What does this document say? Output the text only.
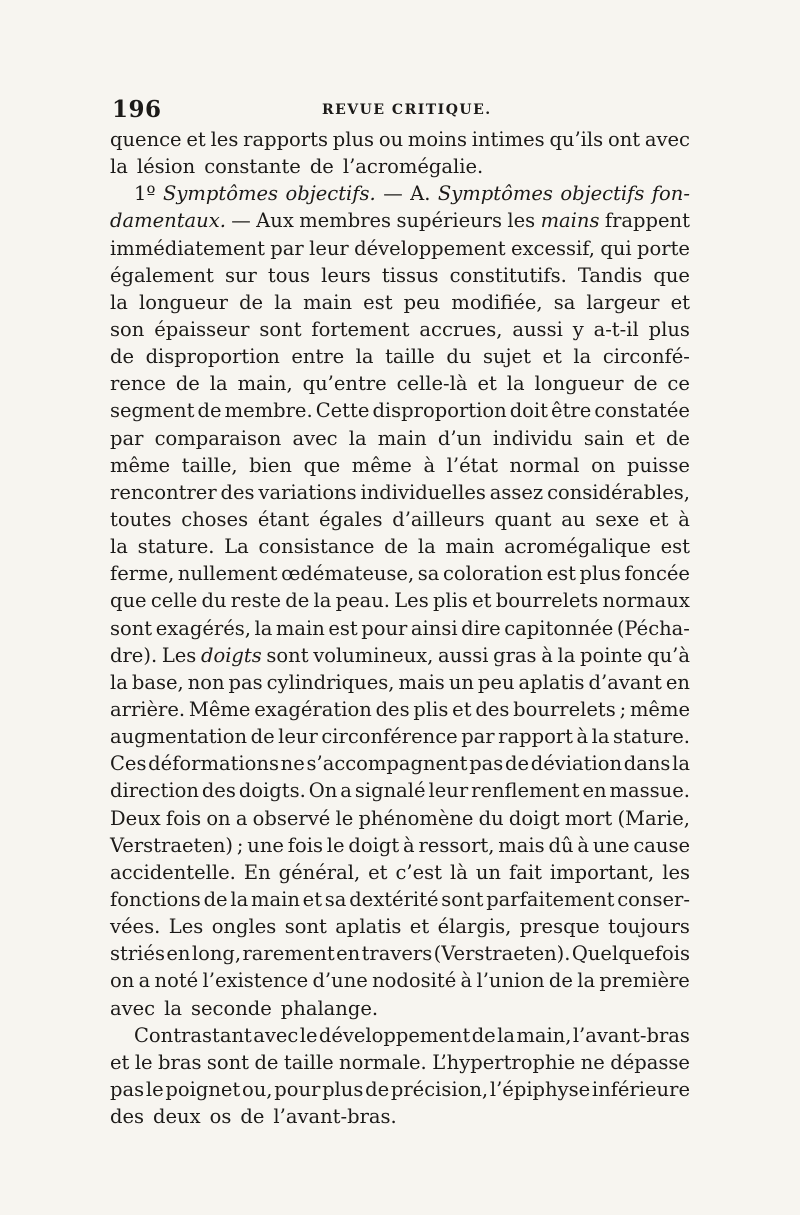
196	REVUE CRITIQUE.
quence et les rapports plus ou moins intimes qu’ils ont avec
la lésion constante de l’acromégalie.
1º Symptômes objectifs. — A. Symptômes objectifs fon-
damentaux. — Aux membres supérieurs les mains frappent
immédiatement par leur développement excessif, qui porte
également sur tous leurs tissus constitutifs. Tandis que
la longueur de la main est peu modifiée, sa largeur et
son épaisseur sont fortement accrues, aussi y a-t-il plus
de disproportion entre la taille du sujet et la circonfé-
rence de la main, qu’entre celle-là et la longueur de ce
segment de membre. Cette disproportion doit être constatée
par comparaison avec la main d’un individu sain et de
même taille, bien que même à l’état normal on puisse
rencontrer des variations individuelles assez considérables,
toutes choses étant égales d’ailleurs quant au sexe et à
la stature. La consistance de la main acromégalique est
ferme, nullement œdémateuse, sa coloration est plus foncée
que celle du reste de la peau. Les plis et bourrelets normaux
sont exagérés, la main est pour ainsi dire capitonnée (Pécha-
dre). Les doigts sont volumineux, aussi gras à la pointe qu’à
la base, non pas cylindriques, mais un peu aplatis d’avant en
arrière. Même exagération des plis et des bourrelets ; même
augmentation de leur circonférence par rapport à la stature.
Ces déformations ne s’accompagnent pas de déviation dans la
direction des doigts. On a signalé leur renflement en massue.
Deux fois on a observé le phénomène du doigt mort (Marie,
Verstraeten) ; une fois le doigt à ressort, mais dû à une cause
accidentelle. En général, et c’est là un fait important, les
fonctions de la main et sa dextérité sont parfaitement conser-
vées. Les ongles sont aplatis et élargis, presque toujours
striés en long, rarement en travers (Verstraeten). Quelquefois
on a noté l’existence d’une nodosité à l’union de la première
avec la seconde phalange.
Contrastant avec le développement de la main, l’avant-bras
et le bras sont de taille normale. L’hypertrophie ne dépasse
pas le poignet ou, pour plus de précision, l’épiphyse inférieure
des deux os de l’avant-bras.
